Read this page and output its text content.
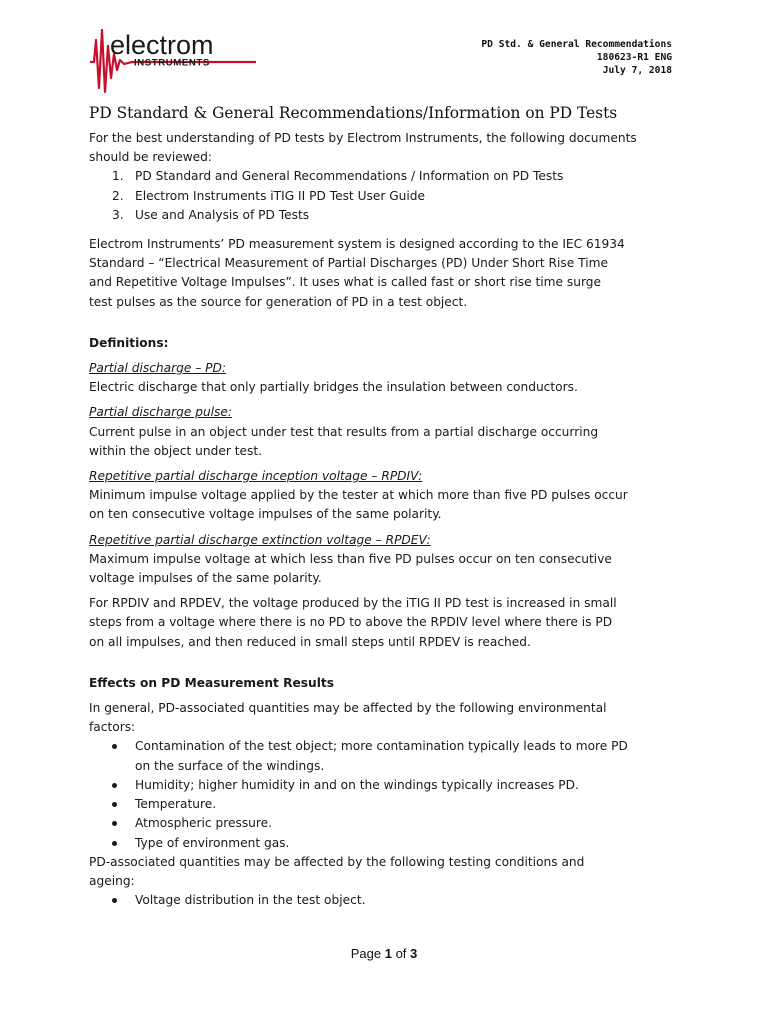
electrom
INSTRUMENTS
PD Std. & General Recommendations
180623-R1 ENG
July 7, 2018
PD Standard & General Recommendations/Information on PD Tests

For the best understanding of PD tests by Electrom Instruments, the following documents
should be reviewed:

1. PD Standard and General Recommendations / Information on PD Tests
2. Electrom Instruments iTIG II PD Test User Guide
3. Use and Analysis of PD Tests

Electrom Instruments’ PD measurement system is designed according to the IEC 61934
Standard – “Electrical Measurement of Partial Discharges (PD) Under Short Rise Time
and Repetitive Voltage Impulses”. It uses what is called fast or short rise time surge
test pulses as the source for generation of PD in a test object.

Definitions:

Partial discharge – PD:
Electric discharge that only partially bridges the insulation between conductors.
Partial discharge pulse:
Current pulse in an object under test that results from a partial discharge occurring
within the object under test.
Repetitive partial discharge inception voltage – RPDIV:
Minimum impulse voltage applied by the tester at which more than five PD pulses occur
on ten consecutive voltage impulses of the same polarity.
Repetitive partial discharge extinction voltage – RPDEV:
Maximum impulse voltage at which less than five PD pulses occur on ten consecutive
voltage impulses of the same polarity.

For RPDIV and RPDEV, the voltage produced by the iTIG II PD test is increased in small
steps from a voltage where there is no PD to above the RPDIV level where there is PD
on all impulses, and then reduced in small steps until RPDEV is reached.

Effects on PD Measurement Results

In general, PD-associated quantities may be affected by the following environmental
factors:

Contamination of the test object; more contamination typically leads to more PD
on the surface of the windings.
Humidity; higher humidity in and on the windings typically increases PD.
Temperature.
Atmospheric pressure.
Type of environment gas.

PD-associated quantities may be affected by the following testing conditions and
ageing:

Voltage distribution in the test object.
Page 1 of 3
